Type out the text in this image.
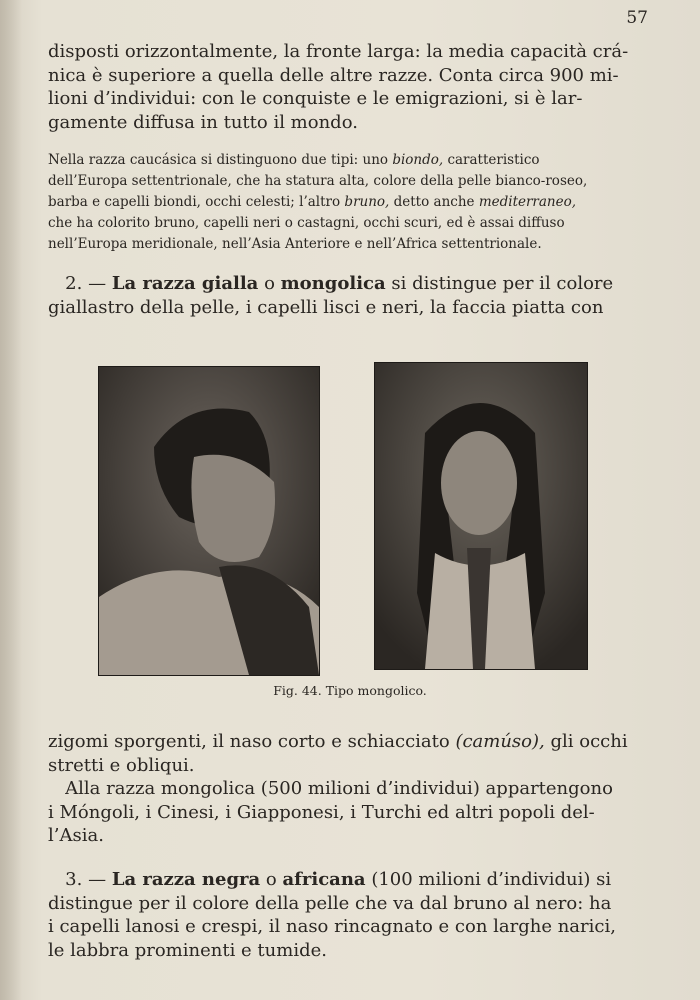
57
disposti orizzontalmente, la fronte larga: la media capacità crá-
nica è superiore a quella delle altre razze. Conta circa 900 mi-
lioni d’individui: con le conquiste e le emigrazioni, si è lar-
gamente diffusa in tutto il mondo.
Nella razza caucásica si distinguono due tipi: uno biondo, caratteristico
dell’Europa settentrionale, che ha statura alta, colore della pelle bianco-roseo,
barba e capelli biondi, occhi celesti; l’altro bruno, detto anche mediterraneo,
che ha colorito bruno, capelli neri o castagni, occhi scuri, ed è assai diffuso
nell’Europa meridionale, nell’Asia Anteriore e nell’Africa settentrionale.
2. — La razza gialla o mongolica si distingue per il colore
giallastro della pelle, i capelli lisci e neri, la faccia piatta con
Fig. 44. Tipo mongolico.
zigomi sporgenti, il naso corto e schiacciato (camúso), gli occhi
stretti e obliqui.
Alla razza mongolica (500 milioni d’individui) appartengono
i Móngoli, i Cinesi, i Giapponesi, i Turchi ed altri popoli del-
l’Asia.
3. — La razza negra o africana (100 milioni d’individui) si
distingue per il colore della pelle che va dal bruno al nero: ha
i capelli lanosi e crespi, il naso rincagnato e con larghe narici,
le labbra prominenti e tumide.
